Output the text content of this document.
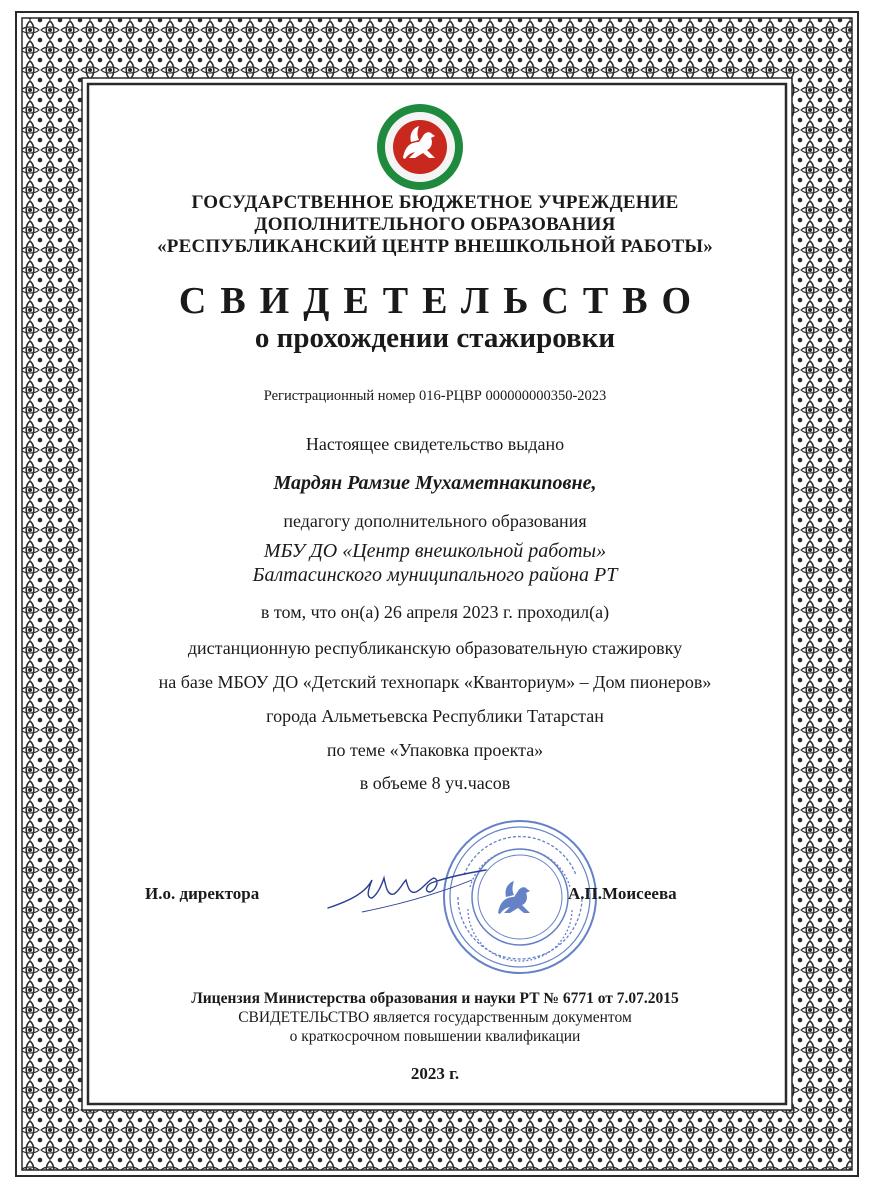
ГОСУДАРСТВЕННОЕ БЮДЖЕТНОЕ УЧРЕЖДЕНИЕ
ДОПОЛНИТЕЛЬНОГО ОБРАЗОВАНИЯ
«РЕСПУБЛИКАНСКИЙ ЦЕНТР ВНЕШКОЛЬНОЙ РАБОТЫ»
СВИДЕТЕЛЬСТВО
о прохождении стажировки
Регистрационный номер 016-РЦВР 000000000350-2023
Настоящее свидетельство выдано
Мардян Рамзие Мухаметнакиповне,
педагогу дополнительного образования
МБУ ДО «Центр внешкольной работы»
Балтасинского муниципального района РТ
в том, что он(а) 26 апреля 2023 г. проходил(а)
дистанционную республиканскую образовательную стажировку
на базе МБОУ ДО «Детский технопарк «Кванториум» – Дом пионеров»
города Альметьевска Республики Татарстан
по теме «Упаковка проекта»
в объеме 8 уч.часов
И.о. директора	А.П.Моисеева
Лицензия Министерства образования и науки РТ № 6771 от 7.07.2015
СВИДЕТЕЛЬСТВО является государственным документом
о краткосрочном повышении квалификации
2023 г.
